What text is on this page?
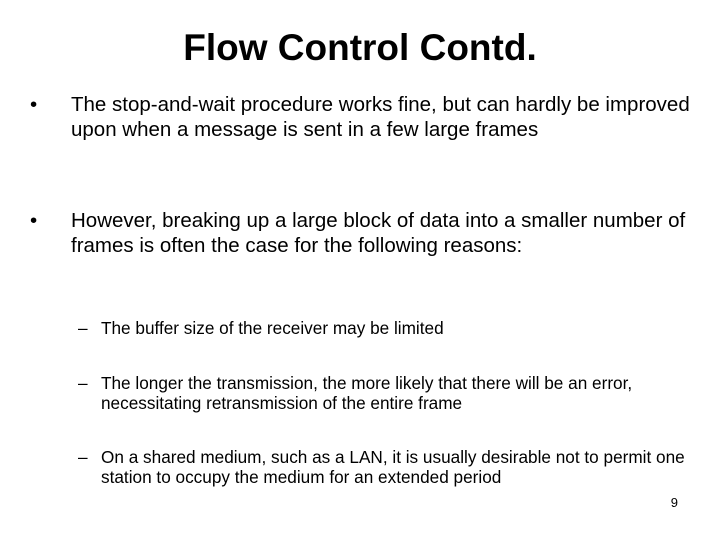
Flow Control Contd.
•	The stop-and-wait procedure works fine, but can hardly be improved upon when a message is sent in a few large frames
•	However, breaking up a large block of data into a smaller number of frames is often the case for the following reasons:
– The buffer size of the receiver may be limited
– The longer the transmission, the more likely that there will be an error, necessitating retransmission of the entire frame
– On a shared medium, such as a LAN, it is usually desirable not to permit one station to occupy the medium for an extended period
9
